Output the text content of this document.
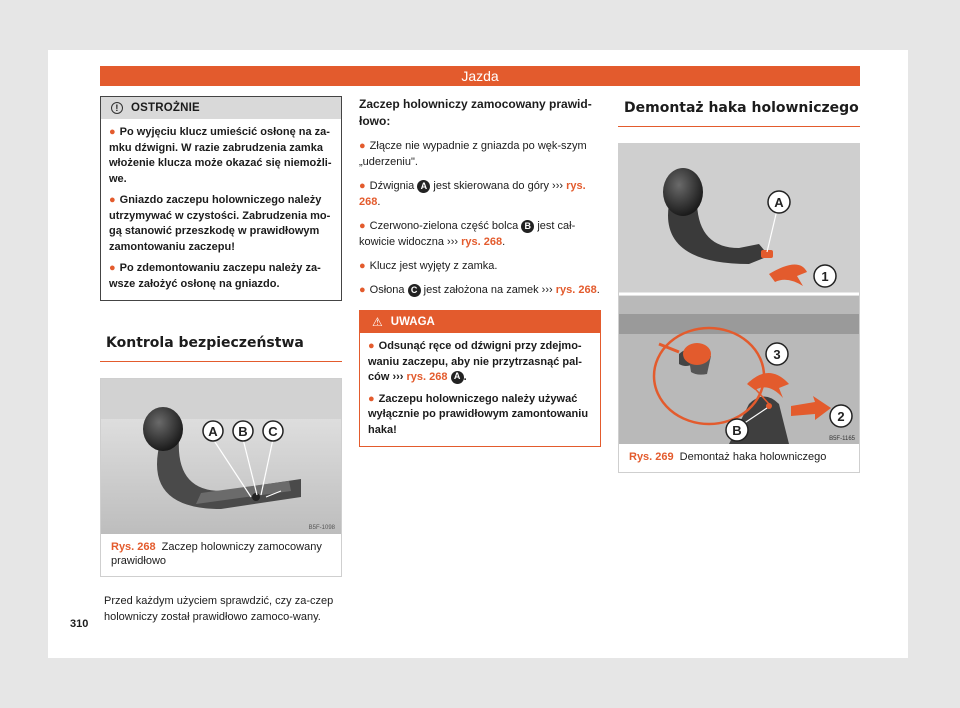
Jazda
!	OSTROŻNIE
● Po wyjęciu klucz umieścić osłonę na za-mku dźwigni. W razie zabrudzenia zamka włożenie klucza może okazać się niemożli-we.
● Gniazdo zaczepu holowniczego należy utrzymywać w czystości. Zabrudzenia mo-gą stanowić przeszkodę w prawidłowym zamontowaniu zaczepu!
● Po zdemontowaniu zaczepu należy za-wsze założyć osłonę na gniazdo.
Kontrola bezpieczeństwa
A B C
B5F-1098
Rys. 268 Zaczep holowniczy zamocowany prawidłowo
Przed każdym użyciem sprawdzić, czy za-czep holowniczy został prawidłowo zamoco-wany.
Zaczep holowniczy zamocowany prawid-łowo:
● Złącze nie wypadnie z gniazda po węk-szym „uderzeniu".
● Dźwignia A jest skierowana do góry ››› rys. 268.
● Czerwono-zielona część bolca B jest cał-kowicie widoczna ››› rys. 268.
● Klucz jest wyjęty z zamka.
● Osłona C jest założona na zamek ››› rys. 268.
⚠ UWAGA
● Odsunąć ręce od dźwigni przy zdejmo-waniu zaczepu, aby nie przytrzasnąć pal-ców ››› rys. 268 A .
● Zaczepu holowniczego należy używać wyłącznie po prawidłowym zamontowaniu haka!
Demontaż haka holowniczego
A
1
3
2
B
B5F-1165
Rys. 269 Demontaż haka holowniczego
310
